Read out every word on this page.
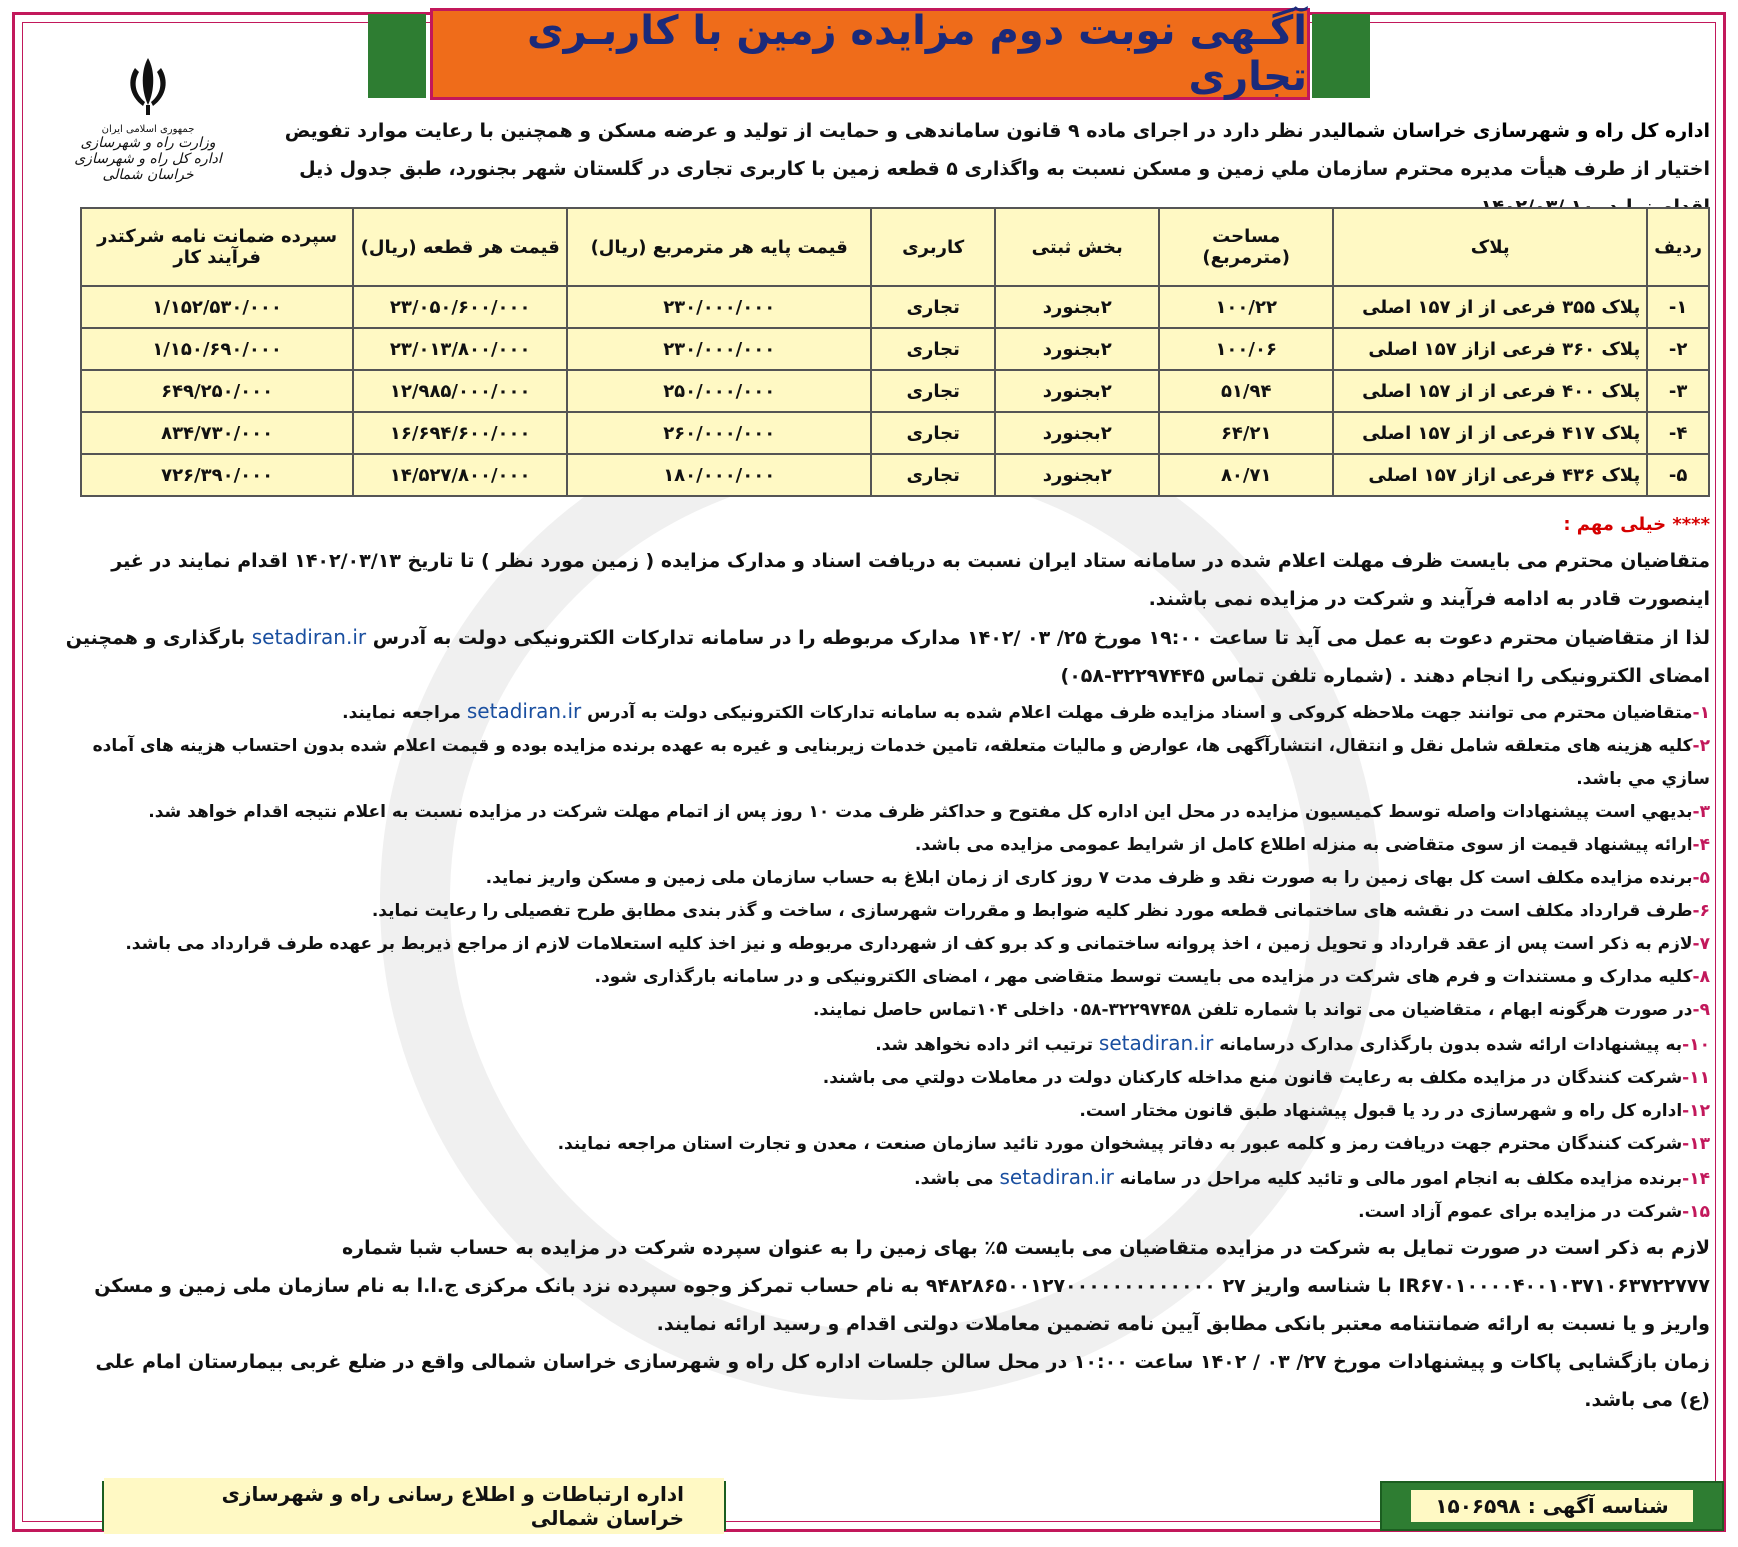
آگـهی نوبت دوم مزایده زمین با کاربـری تجاری
جمهوری اسلامی ایران
وزارت راه و شهرسازی
اداره کل راه و شهرسازی خراسان شمالی
اداره کل راه و شهرسازی خراسان شمالیدر نظر دارد در اجرای ماده ۹ قانون ساماندهی و حمایت از تولید و عرضه مسکن و همچنین با رعایت موارد تفویض اختیار از طرف هیأت مدیره محترم سازمان ملي زمین و مسکن نسبت به واگذاری ۵ قطعه زمین با کاربری تجاری در گلستان شهر بجنورد، طبق جدول ذیل
ردیف	پلاک	مساحت (مترمربع)	بخش ثبتی	کاربری	قیمت پایه هر مترمربع (ریال)	قیمت هر قطعه (ریال)	سپرده ضمانت نامه شرکتدر فرآیند کار
۱-	پلاک ۳۵۵ فرعی از از ۱۵۷ اصلی	۱۰۰/۲۲	۲بجنورد	تجاری	۲۳۰/۰۰۰/۰۰۰	۲۳/۰۵۰/۶۰۰/۰۰۰	۱/۱۵۲/۵۳۰/۰۰۰
۲-	پلاک ۳۶۰ فرعی ازاز ۱۵۷ اصلی	۱۰۰/۰۶	۲بجنورد	تجاری	۲۳۰/۰۰۰/۰۰۰	۲۳/۰۱۳/۸۰۰/۰۰۰	۱/۱۵۰/۶۹۰/۰۰۰
۳-	پلاک ۴۰۰ فرعی از از ۱۵۷ اصلی	۵۱/۹۴	۲بجنورد	تجاری	۲۵۰/۰۰۰/۰۰۰	۱۲/۹۸۵/۰۰۰/۰۰۰	۶۴۹/۲۵۰/۰۰۰
۴-	پلاک ۴۱۷ فرعی از از ۱۵۷ اصلی	۶۴/۲۱	۲بجنورد	تجاری	۲۶۰/۰۰۰/۰۰۰	۱۶/۶۹۴/۶۰۰/۰۰۰	۸۳۴/۷۳۰/۰۰۰
۵-	پلاک ۴۳۶ فرعی ازاز ۱۵۷ اصلی	۸۰/۷۱	۲بجنورد	تجاری	۱۸۰/۰۰۰/۰۰۰	۱۴/۵۲۷/۸۰۰/۰۰۰	۷۲۶/۳۹۰/۰۰۰

**** خیلی مهم :

متقاضیان محترم می بایست ظرف مهلت اعلام شده در سامانه ستاد ایران نسبت به دریافت اسناد و مدارک مزایده ( زمین مورد نظر ) تا تاریخ ۱۴۰۲/۰۳/۱۳ اقدام نمایند در غیر اینصورت قادر به ادامه فرآیند و شرکت در مزایده نمی باشند.

لذا از متقاضیان محترم دعوت به عمل می آید تا ساعت ۱۹:۰۰ مورخ ۲۵/ ۰۳ /۱۴۰۲ مدارک مربوطه را در سامانه تدارکات الکترونیکی دولت به آدرس setadiran.ir بارگذاری و همچنین امضای الکترونیکی را انجام دهند . (شماره تلفن تماس ۳۲۲۹۷۴۴۵-۰۵۸)

۱-متقاضیان محترم می توانند جهت ملاحظه کروکی و اسناد مزایده ظرف مهلت اعلام شده به سامانه تدارکات الکترونیکی دولت به آدرس setadiran.ir مراجعه نمایند.

۲-کلیه هزینه های متعلقه شامل نقل و انتقال، انتشارآگهی ها، عوارض و مالیات متعلقه، تامین خدمات زیربنایی و غیره به عهده برنده مزایده بوده و قیمت اعلام شده بدون احتساب هزینه های آماده سازي مي باشد.

۳-بدیهي است پیشنهادات واصله توسط کمیسیون مزایده در محل این اداره کل مفتوح و حداکثر ظرف مدت ۱۰ روز پس از اتمام مهلت شرکت در مزایده نسبت به اعلام نتیجه اقدام خواهد شد.

۴-ارائه پیشنهاد قیمت از سوی متقاضی به منزله اطلاع کامل از شرایط عمومی مزایده می باشد.

۵-برنده مزایده مکلف است کل بهای زمین را به صورت نقد و ظرف مدت ۷ روز کاری از زمان ابلاغ به حساب سازمان ملی زمین و مسکن واریز نماید.

۶-طرف قرارداد مکلف است در نقشه های ساختمانی قطعه مورد نظر کلیه ضوابط و مقررات شهرسازی ، ساخت و گذر بندی مطابق طرح تفصیلی را رعایت نماید.

۷-لازم به ذکر است پس از عقد قرارداد و تحویل زمین ، اخذ پروانه ساختمانی و کد برو کف از شهرداری مربوطه و نیز اخذ کلیه استعلامات لازم از مراجع ذیربط بر عهده طرف قرارداد می باشد.

۸-کلیه مدارک و مستندات و فرم های شرکت در مزایده می بایست توسط متقاضی مهر ، امضای الکترونیکی و در سامانه بارگذاری شود.

۹-در صورت هرگونه ابهام ، متقاضیان می تواند با شماره تلفن ۳۲۲۹۷۴۵۸-۰۵۸ داخلی ۱۰۴تماس حاصل نمایند.

۱۰-به پیشنهادات ارائه شده بدون بارگذاری مدارک درسامانه setadiran.ir ترتیب اثر داده نخواهد شد.

۱۱-شرکت کنندگان در مزایده مکلف به رعایت قانون منع مداخله کارکنان دولت در معاملات دولتي می باشند.

۱۲-اداره کل راه و شهرسازی در رد یا قبول پیشنهاد طبق قانون مختار است.

۱۳-شرکت کنندگان محترم جهت دریافت رمز و کلمه عبور به دفاتر پیشخوان مورد تائید سازمان صنعت ، معدن و تجارت استان مراجعه نمایند.

۱۴-برنده مزایده مکلف به انجام امور مالی و تائید کلیه مراحل در سامانه setadiran.ir می باشد.

۱۵-شرکت در مزایده برای عموم آزاد است.

لازم به ذکر است در صورت تمایل به شرکت در مزایده متقاضیان می بایست ۵٪ بهای زمین را به عنوان سپرده شرکت در مزایده به حساب شبا شماره IR۶۷۰۱۰۰۰۰۴۰۰۱۰۳۷۱۰۶۳۷۲۲۷۷۷ با شناسه واریز ۲۷ ۹۴۸۲۸۶۵۰۰۱۲۷۰۰۰۰۰۰۰۰۰۰۰۰۰ به نام حساب تمرکز وجوه سپرده نزد بانک مرکزی ج.ا.ا به نام سازمان ملی زمین و مسکن واریز و یا نسبت به ارائه ضمانتنامه معتبر بانکی مطابق آیین نامه تضمین معاملات دولتی اقدام و رسید ارائه نمایند.

زمان بازگشایی پاکات و پیشنهادات مورخ ۲۷/ ۰۳ / ۱۴۰۲ ساعت ۱۰:۰۰ در محل سالن جلسات اداره کل راه و شهرسازی خراسان شمالی واقع در ضلع غربی بیمارستان امام علی (ع) می باشد.

اداره ارتباطات و اطلاع رسانی راه و شهرسازی خراسان شمالی	شناسه آگهی : ۱۵۰۶۵۹۸
